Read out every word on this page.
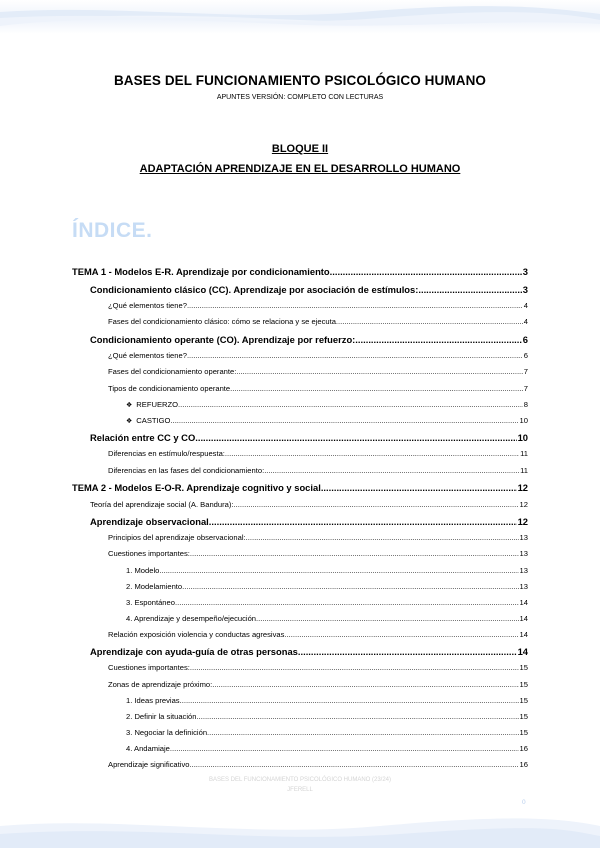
BASES DEL FUNCIONAMIENTO PSICOLÓGICO HUMANO

APUNTES VERSIÓN: COMPLETO CON LECTURAS

BLOQUE II

ADAPTACIÓN APRENDIZAJE EN EL DESARROLLO HUMANO

ÍNDICE.
TEMA 1 - Modelos E-R. Aprendizaje por condicionamiento .....	3
Condicionamiento clásico (CC). Aprendizaje por asociación de estímulos: .....	3
¿Qué elementos tiene? .....	4
Fases del condicionamiento clásico: cómo se relaciona y se ejecuta. .....	4
Condicionamiento operante (CO). Aprendizaje por refuerzo: .....	6
¿Qué elementos tiene? .....	6
Fases del condicionamiento operante: .....	7
Tipos de condicionamiento operante. .....	7
❖ REFUERZO .....	8
❖ CASTIGO .....	10
Relación entre CC y CO. .....	10
Diferencias en estímulo/respuesta: .....	11
Diferencias en las fases del condicionamiento: .....	11
TEMA 2 - Modelos E-O-R. Aprendizaje cognitivo y social .....	12
Teoría del aprendizaje social (A. Bandura): .....	12
Aprendizaje observacional .....	12
Principios del aprendizaje observacional: .....	13
Cuestiones importantes: .....	13
1. Modelo .....	13
2. Modelamiento .....	13
3. Espontáneo .....	14
4. Aprendizaje y desempeño/ejecución. .....	14
Relación exposición violencia y conductas agresivas. .....	14
Aprendizaje con ayuda-guía de otras personas .....	14
Cuestiones importantes: .....	15
Zonas de aprendizaje próximo: .....	15
1. Ideas previas .....	15
2. Definir la situación. .....	15
3. Negociar la definición. .....	15
4. Andamiaje. .....	16
Aprendizaje significativo. .....	16

BASES DEL FUNCIONAMIENTO PSICOLÓGICO HUMANO (23/24)

JFERELL

0
